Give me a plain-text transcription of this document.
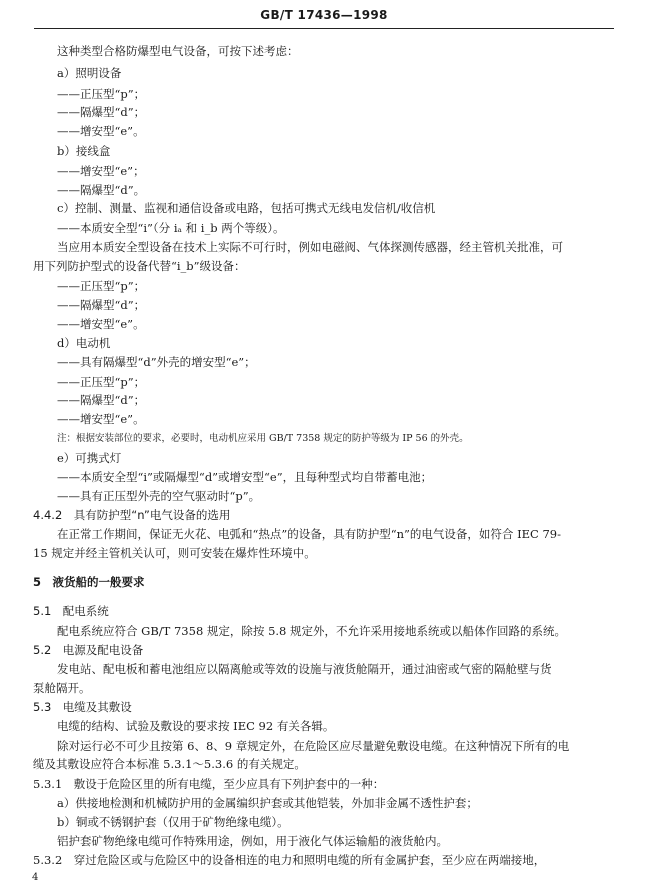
GB/T 17436—1998
这种类型合格防爆型电气设备，可按下述考虑：
a）照明设备
——正压型“p”；
——隔爆型“d”；
——增安型“e”。
b）接线盒
——增安型“e”；
——隔爆型“d”。
c）控制、测量、监视和通信设备或电路，包括可携式无线电发信机/收信机
——本质安全型“i”（分 iₐ 和 i_b 两个等级）。
当应用本质安全型设备在技术上实际不可行时，例如电磁阀、气体探测传感器，经主管机关批准，可
用下列防护型式的设备代替“i_b”级设备：
——正压型“p”；
——隔爆型“d”；
——增安型“e”。
d）电动机
——具有隔爆型“d”外壳的增安型“e”；
——正压型“p”；
——隔爆型“d”；
——增安型“e”。
注：根据安装部位的要求，必要时，电动机应采用 GB/T 7358 规定的防护等级为 IP 56 的外壳。
e）可携式灯
——本质安全型“i”或隔爆型“d”或增安型“e”，且每种型式均自带蓄电池；
——具有正压型外壳的空气驱动时“p”。
4.4.2　具有防护型“n”电气设备的选用
在正常工作期间，保证无火花、电弧和“热点”的设备，具有防护型“n”的电气设备，如符合 IEC 79-
15 规定并经主管机关认可，则可安装在爆炸性环境中。
5　液货船的一般要求
5.1　配电系统
配电系统应符合 GB/T 7358 规定，除按 5.8 规定外，不允许采用接地系统或以船体作回路的系统。
5.2　电源及配电设备
发电站、配电板和蓄电池组应以隔离舱或等效的设施与液货舱隔开，通过油密或气密的隔舱壁与货
泵舱隔开。
5.3　电缆及其敷设
电缆的结构、试验及敷设的要求按 IEC 92 有关各辑。
除对运行必不可少且按第 6、8、9 章规定外，在危险区应尽量避免敷设电缆。在这种情况下所有的电
缆及其敷设应符合本标准 5.3.1～5.3.6 的有关规定。
5.3.1　敷设于危险区里的所有电缆，至少应具有下列护套中的一种：
a）供接地检测和机械防护用的金属编织护套或其他铠装，外加非金属不透性护套；
b）铜或不锈钢护套（仅用于矿物绝缘电缆）。
铝护套矿物绝缘电缆可作特殊用途，例如，用于液化气体运输船的液货舱内。
5.3.2　穿过危险区或与危险区中的设备相连的电力和照明电缆的所有金属护套，至少应在两端接地，
4
